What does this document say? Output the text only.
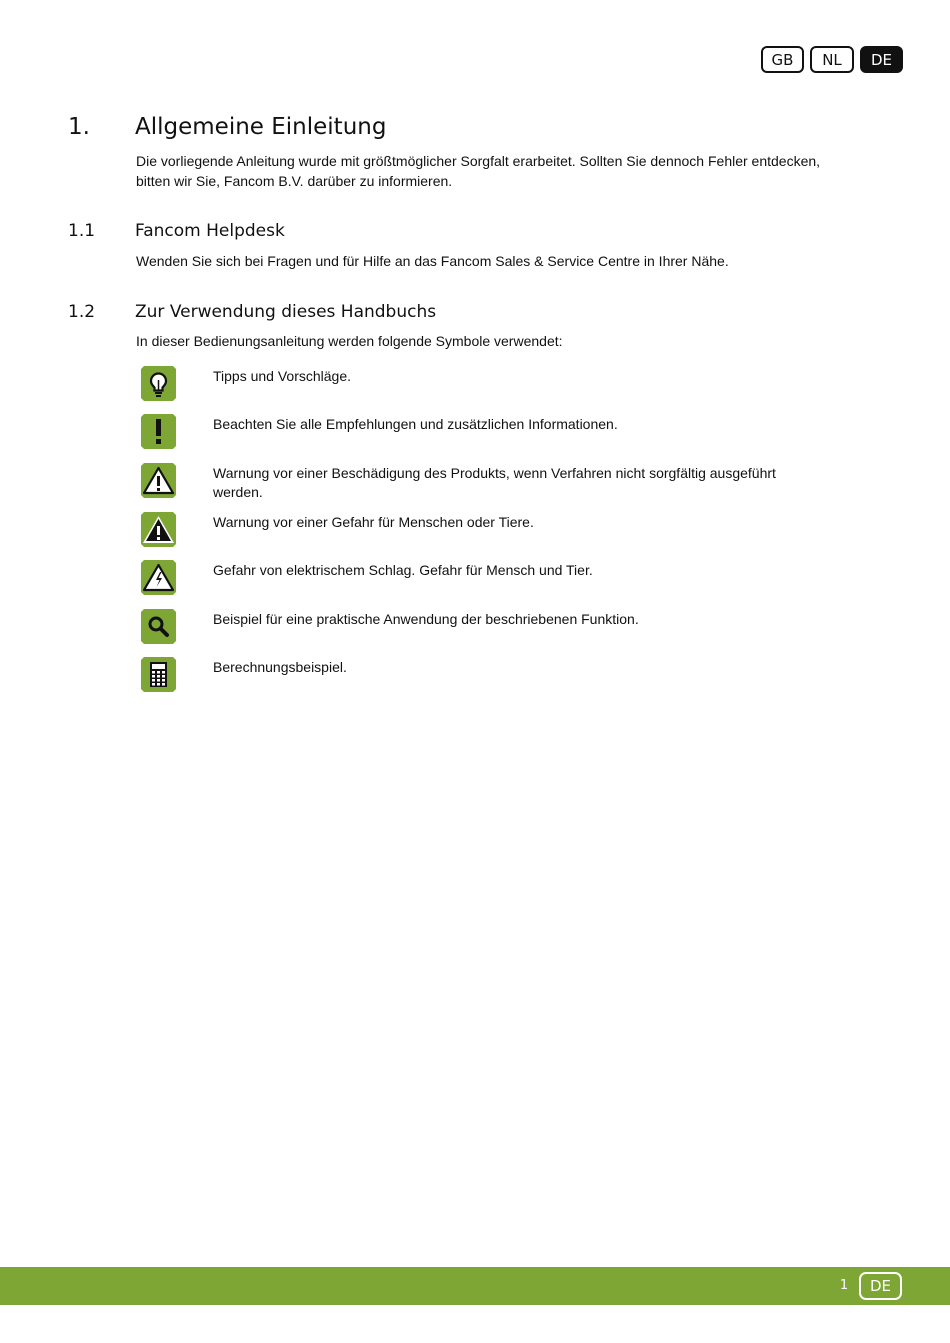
GB	NL	DE
1.	Allgemeine Einleitung

Die vorliegende Anleitung wurde mit größtmöglicher Sorgfalt erarbeitet. Sollten Sie dennoch Fehler entdecken, bitten wir Sie, Fancom B.V. darüber zu informieren.

1.1	Fancom Helpdesk

Wenden Sie sich bei Fragen und für Hilfe an das Fancom Sales & Service Centre in Ihrer Nähe.

1.2	Zur Verwendung dieses Handbuchs

In dieser Bedienungsanleitung werden folgende Symbole verwendet:

Tipps und Vorschläge.
Beachten Sie alle Empfehlungen und zusätzlichen Informationen.
Warnung vor einer Beschädigung des Produkts, wenn Verfahren nicht sorgfältig ausgeführt werden.
Warnung vor einer Gefahr für Menschen oder Tiere.
Gefahr von elektrischem Schlag. Gefahr für Mensch und Tier.
Beispiel für eine praktische Anwendung der beschriebenen Funktion.
Berechnungsbeispiel.
1	DE
